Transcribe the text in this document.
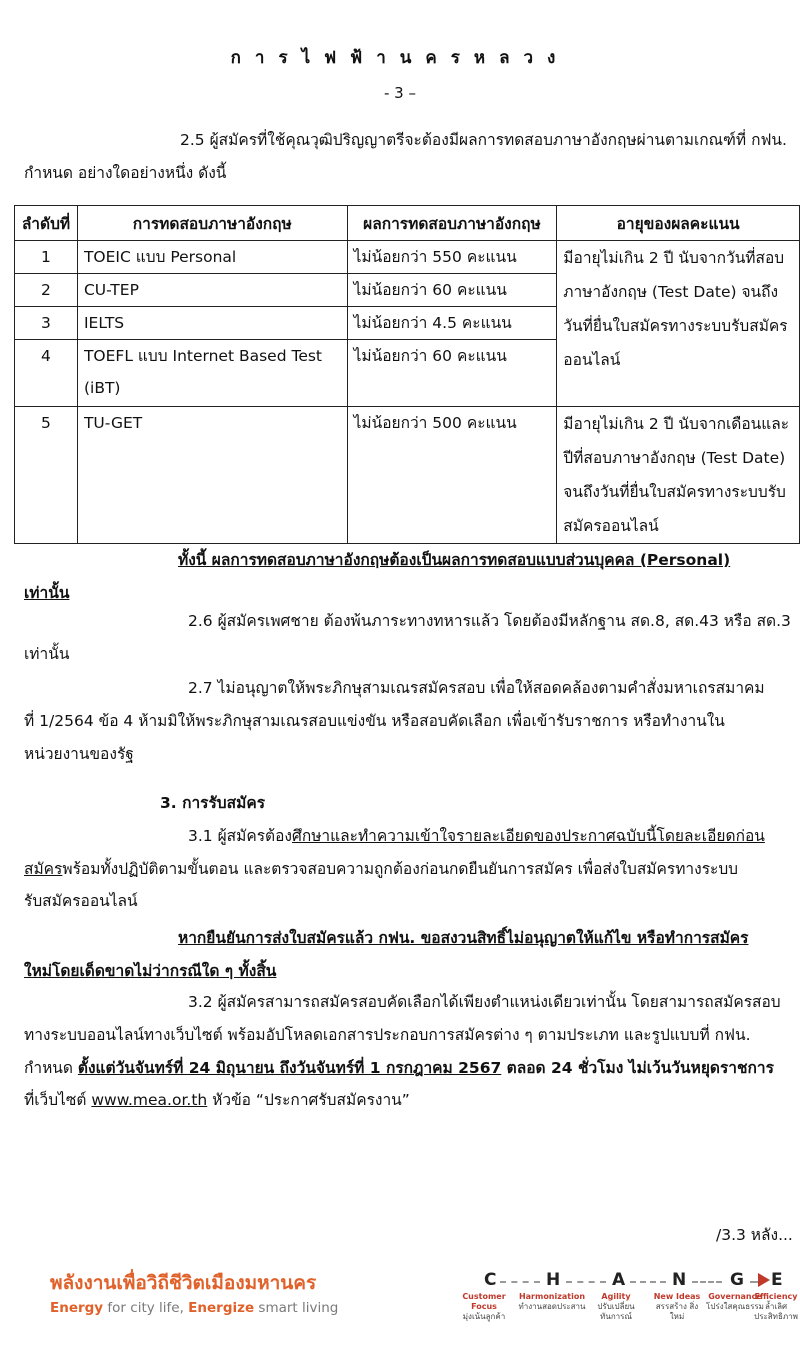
การไฟฟ้านครหลวง
- 3 –
2.5 ผู้สมัครที่ใช้คุณวุฒิปริญญาตรีจะต้องมีผลการทดสอบภาษาอังกฤษผ่านตามเกณฑ์ที่ กฟน.
กำหนด อย่างใดอย่างหนึ่ง ดังนี้
ลำดับที่	การทดสอบภาษาอังกฤษ	ผลการทดสอบภาษาอังกฤษ	อายุของผลคะแนน
1	TOEIC แบบ Personal	ไม่น้อยกว่า 550 คะแนน	มีอายุไม่เกิน 2 ปี นับจากวันที่สอบภาษาอังกฤษ (Test Date) จนถึงวันที่ยื่นใบสมัครทางระบบรับสมัครออนไลน์
2	CU-TEP	ไม่น้อยกว่า 60 คะแนน	
3	IELTS	ไม่น้อยกว่า 4.5 คะแนน	
4	TOEFL แบบ Internet Based Test (iBT)	ไม่น้อยกว่า 60 คะแนน	
5	TU-GET	ไม่น้อยกว่า 500 คะแนน	มีอายุไม่เกิน 2 ปี นับจากเดือนและปีที่สอบภาษาอังกฤษ (Test Date) จนถึงวันที่ยื่นใบสมัครทางระบบรับสมัครออนไลน์
ทั้งนี้ ผลการทดสอบภาษาอังกฤษต้องเป็นผลการทดสอบแบบส่วนบุคคล (Personal)
เท่านั้น
2.6 ผู้สมัครเพศชาย ต้องพ้นภาระทางทหารแล้ว โดยต้องมีหลักฐาน สด.8, สด.43 หรือ สด.3
เท่านั้น
2.7 ไม่อนุญาตให้พระภิกษุสามเณรสมัครสอบ เพื่อให้สอดคล้องตามคำสั่งมหาเถรสมาคม
ที่ 1/2564 ข้อ 4 ห้ามมิให้พระภิกษุสามเณรสอบแข่งขัน หรือสอบคัดเลือก เพื่อเข้ารับราชการ หรือทำงานใน
หน่วยงานของรัฐ
3. การรับสมัคร
3.1 ผู้สมัครต้องศึกษาและทำความเข้าใจรายละเอียดของประกาศฉบับนี้โดยละเอียดก่อน
สมัครพร้อมทั้งปฏิบัติตามขั้นตอน และตรวจสอบความถูกต้องก่อนกดยืนยันการสมัคร เพื่อส่งใบสมัครทางระบบ
รับสมัครออนไลน์
หากยืนยันการส่งใบสมัครแล้ว กฟน. ขอสงวนสิทธิ์ไม่อนุญาตให้แก้ไข หรือทำการสมัคร
ใหม่โดยเด็ดขาดไม่ว่ากรณีใด ๆ ทั้งสิ้น
3.2 ผู้สมัครสามารถสมัครสอบคัดเลือกได้เพียงตำแหน่งเดียวเท่านั้น โดยสามารถสมัครสอบ
ทางระบบออนไลน์ทางเว็บไซต์ พร้อมอัปโหลดเอกสารประกอบการสมัครต่าง ๆ ตามประเภท และรูปแบบที่ กฟน.
กำหนด ตั้งแต่วันจันทร์ที่ 24 มิถุนายน ถึงวันจันทร์ที่ 1 กรกฎาคม 2567 ตลอด 24 ชั่วโมง ไม่เว้นวันหยุดราชการ
ที่เว็บไซต์ www.mea.or.th หัวข้อ “ประกาศรับสมัครงาน”
/3.3 หลัง...
พลังงานเพื่อวิถีชีวิตเมืองมหานคร
Energy for city life, Energize smart living
C	H	A	N	G E
Customer Focus
มุ่งเน้นลูกค้า
Harmonization
ทำงานสอดประสาน
Agility
ปรับเปลี่ยน ทันการณ์
New Ideas
สรรสร้าง สิ่งใหม่
Governance
โปร่งใสคุณธรรม
Efficiency
ล้ำเลิศ ประสิทธิภาพ
